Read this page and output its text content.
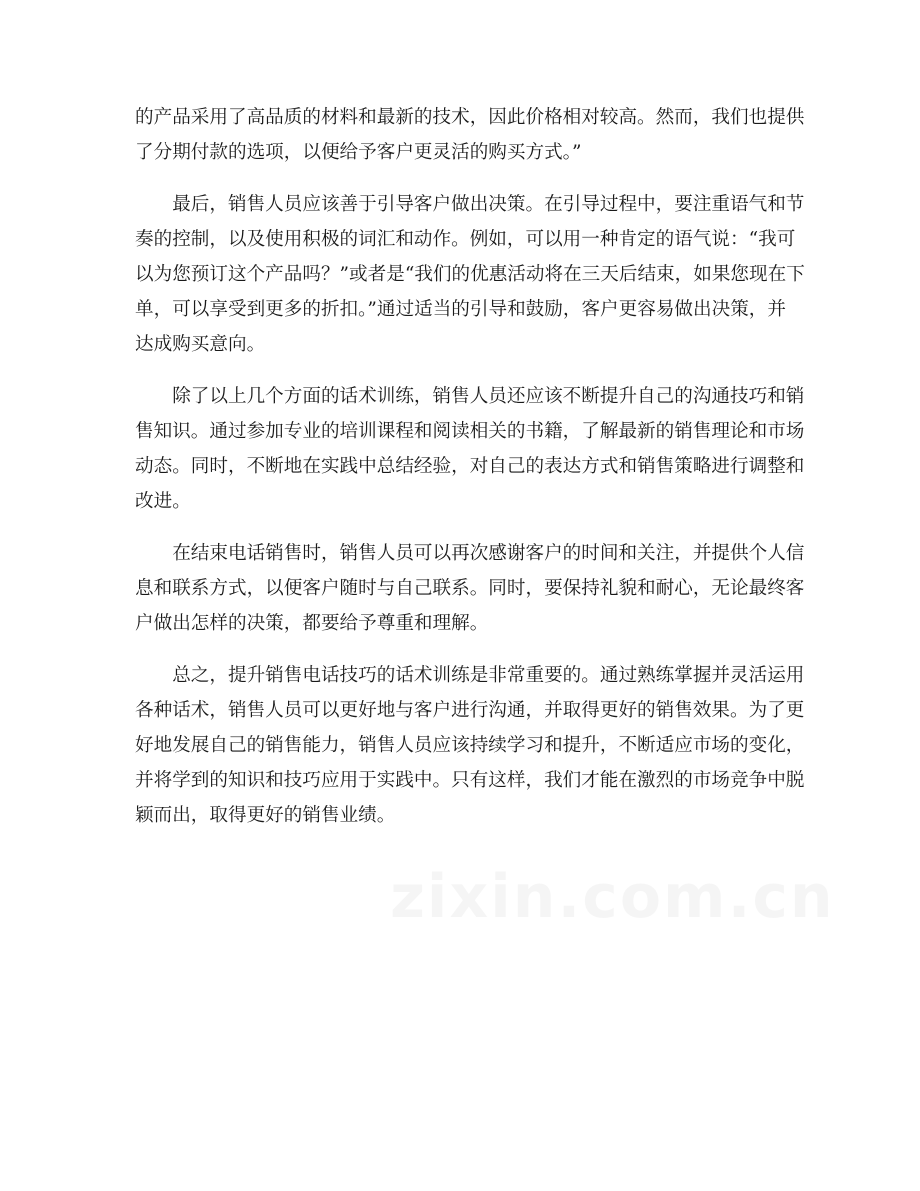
的产品采用了高品质的材料和最新的技术，因此价格相对较高。然而，我们也提供
了分期付款的选项，以便给予客户更灵活的购买方式。”

最后，销售人员应该善于引导客户做出决策。在引导过程中，要注重语气和节
奏的控制，以及使用积极的词汇和动作。例如，可以用一种肯定的语气说：“我可
以为您预订这个产品吗？”或者是“我们的优惠活动将在三天后结束，如果您现在下
单，可以享受到更多的折扣。”通过适当的引导和鼓励，客户更容易做出决策，并
达成购买意向。

除了以上几个方面的话术训练，销售人员还应该不断提升自己的沟通技巧和销
售知识。通过参加专业的培训课程和阅读相关的书籍，了解最新的销售理论和市场
动态。同时，不断地在实践中总结经验，对自己的表达方式和销售策略进行调整和
改进。

在结束电话销售时，销售人员可以再次感谢客户的时间和关注，并提供个人信
息和联系方式，以便客户随时与自己联系。同时，要保持礼貌和耐心，无论最终客
户做出怎样的决策，都要给予尊重和理解。

总之，提升销售电话技巧的话术训练是非常重要的。通过熟练掌握并灵活运用
各种话术，销售人员可以更好地与客户进行沟通，并取得更好的销售效果。为了更
好地发展自己的销售能力，销售人员应该持续学习和提升，不断适应市场的变化，
并将学到的知识和技巧应用于实践中。只有这样，我们才能在激烈的市场竞争中脱
颖而出，取得更好的销售业绩。
